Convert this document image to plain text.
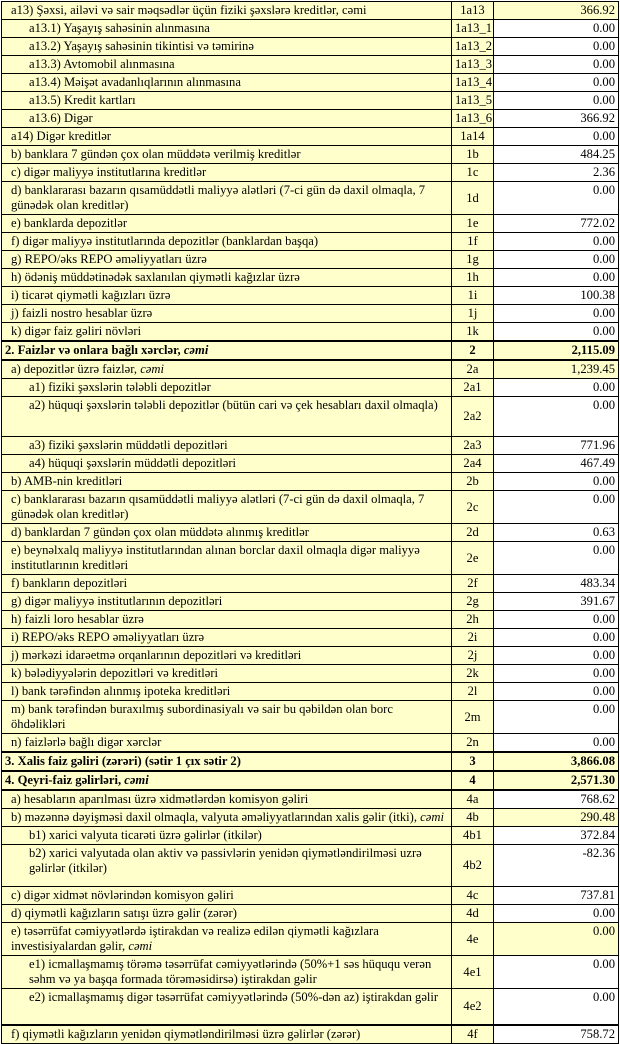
a13) Şəxsi, ailəvi və sair məqsədlər üçün fiziki şəxslərə kreditlər, cəmi	1a13	366.92
a13.1) Yaşayış sahəsinin alınmasına	1a13_1	0.00
a13.2) Yaşayış sahəsinin tikintisi və təmirinə	1a13_2	0.00
a13.3) Avtomobil alınmasına	1a13_3	0.00
a13.4) Məişət avadanlıqlarının alınmasına	1a13_4	0.00
a13.5) Kredit kartları	1a13_5	0.00
a13.6) Digər	1a13_6	366.92
a14) Digər kreditlər	1a14	0.00
b) banklara 7 gündən çox olan müddətə verilmiş kreditlər	1b	484.25
c) digər maliyyə institutlarına kreditlər	1c	2.36
d) banklararası bazarın qısamüddətli maliyyə alətləri (7-ci gün də daxil olmaqla, 7 günədək olan kreditlər)	1d	0.00
e) banklarda depozitlər	1e	772.02
f) digər maliyyə institutlarında depozitlər (banklardan başqa)	1f	0.00
g) REPO/əks REPO əməliyyatları üzrə	1g	0.00
h) ödəniş müddətinədək saxlanılan qiymətli kağızlar üzrə	1h	0.00
i) ticarət qiymətli kağızları üzrə	1i	100.38
j) faizli nostro hesablar üzrə	1j	0.00
k) digər faiz gəliri növləri	1k	0.00
2. Faizlər və onlara bağlı xərclər, cəmi	2	2,115.09
a) depozitlər üzrə faizlər, cəmi	2a	1,239.45
a1) fiziki şəxslərin tələbli depozitlər	2a1	0.00
a2) hüquqi şəxslərin tələbli depozitlər (bütün cari və çek hesabları daxil olmaqla)	2a2	0.00
a3) fiziki şəxslərin müddətli depozitləri	2a3	771.96
a4) hüquqi şəxslərin müddətli depozitləri	2a4	467.49
b) AMB-nin kreditləri	2b	0.00
c) banklararası bazarın qısamüddətli maliyyə alətləri (7-ci gün də daxil olmaqla, 7 günədək olan kreditlər)	2c	0.00
d) banklardan 7 gündən çox olan müddətə alınmış kreditlər	2d	0.63
e) beynəlxalq maliyyə institutlarından alınan borclar daxil olmaqla digər maliyyə institutlarının kreditləri	2e	0.00
f) bankların depozitləri	2f	483.34
g) digər maliyyə institutlarının depozitləri	2g	391.67
h) faizli loro hesablar üzrə	2h	0.00
i) REPO/əks REPO əməliyyatları üzrə	2i	0.00
j) mərkəzi idarəetmə orqanlarının depozitləri və kreditləri	2j	0.00
k) bələdiyyələrin depozitləri və kreditləri	2k	0.00
l) bank tərəfindən alınmış ipoteka kreditləri	2l	0.00
m) bank tərəfindən buraxılmış subordinasiyalı və sair bu qəbildən olan borc öhdəlikləri	2m	0.00
n) faizlərlə bağlı digər xərclər	2n	0.00
3. Xalis faiz gəliri (zərəri) (sətir 1 çıx sətir 2)	3	3,866.08
4. Qeyri-faiz gəlirləri, cəmi	4	2,571.30
a) hesabların aparılması üzrə xidmətlərdən komisyon gəliri	4a	768.62
b) məzənnə dəyişməsi daxil olmaqla, valyuta əməliyyatlarından xalis gəlir (itki), cəmi	4b	290.48
b1) xarici valyuta ticarəti üzrə gəlirlər (itkilər)	4b1	372.84
b2) xarici valyutada olan aktiv və passivlərin yenidən qiymətləndirilməsi uzrə gəlirlər (itkilər)	4b2	-82.36
c) digər xidmət növlərindən komisyon gəliri	4c	737.81
d) qiymətli kağızların satışı üzrə gəlir (zərər)	4d	0.00
e) təsərrüfat cəmiyyətlərdə iştirakdan və realizə edilən qiymətli kağızlara investisiyalardan gəlir, cəmi	4e	0.00
e1) icmallaşmamış törəmə təsərrüfat cəmiyyətlərində (50%+1 səs hüququ verən səhm və ya başqa formada törəməsidirsə) iştirakdan gəlir	4e1	0.00
e2) icmallaşmamış digər təsərrüfat cəmiyyətlərində (50%-dən az) iştirakdan gəlir	4e2	0.00
f) qiymətli kağızların yenidən qiymətləndirilməsi üzrə gəlirlər (zərər)	4f	758.72
